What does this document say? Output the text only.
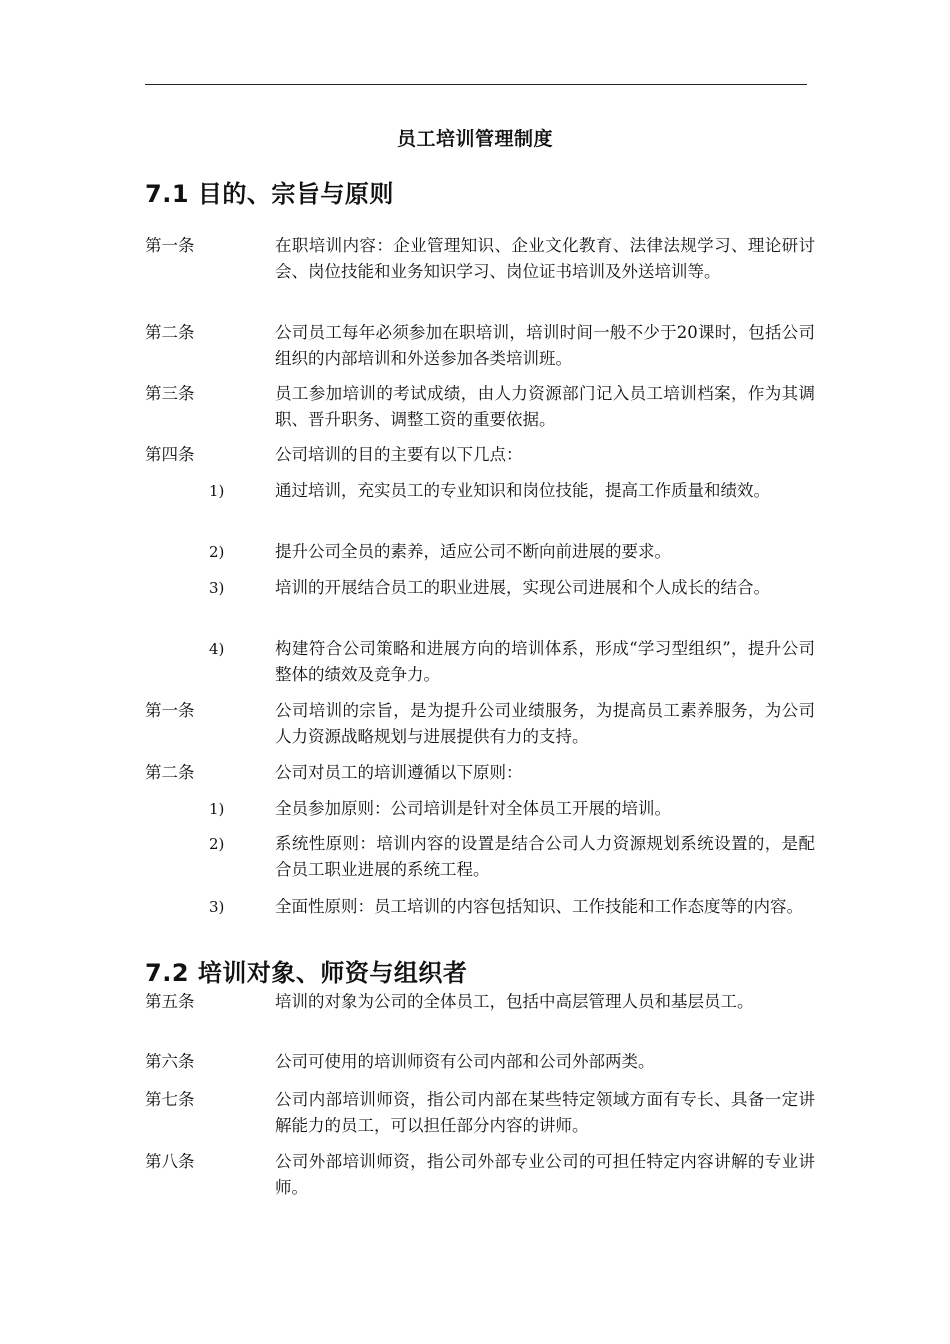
员工培训管理制度
7.1 目的、宗旨与原则
第一条	在职培训内容：企业管理知识、企业文化教育、法律法规学习、理论研讨会、岗位技能和业务知识学习、岗位证书培训及外送培训等。
第二条	公司员工每年必须参加在职培训，培训时间一般不少于20课时，包括公司组织的内部培训和外送参加各类培训班。
第三条	员工参加培训的考试成绩，由人力资源部门记入员工培训档案，作为其调职、晋升职务、调整工资的重要依据。
第四条	公司培训的目的主要有以下几点：
1)	通过培训，充实员工的专业知识和岗位技能，提高工作质量和绩效。
2)	提升公司全员的素养，适应公司不断向前进展的要求。
3)	培训的开展结合员工的职业进展，实现公司进展和个人成长的结合。
4)	构建符合公司策略和进展方向的培训体系，形成“学习型组织”，提升公司整体的绩效及竞争力。
第一条	公司培训的宗旨，是为提升公司业绩服务，为提高员工素养服务，为公司人力资源战略规划与进展提供有力的支持。
第二条	公司对员工的培训遵循以下原则：
1)	全员参加原则：公司培训是针对全体员工开展的培训。
2)	系统性原则：培训内容的设置是结合公司人力资源规划系统设置的，是配合员工职业进展的系统工程。
3)	全面性原则：员工培训的内容包括知识、工作技能和工作态度等的内容。
7.2 培训对象、师资与组织者
第五条	培训的对象为公司的全体员工，包括中高层管理人员和基层员工。
第六条	公司可使用的培训师资有公司内部和公司外部两类。
第七条	公司内部培训师资，指公司内部在某些特定领域方面有专长、具备一定讲解能力的员工，可以担任部分内容的讲师。
第八条	公司外部培训师资，指公司外部专业公司的可担任特定内容讲解的专业讲师。
